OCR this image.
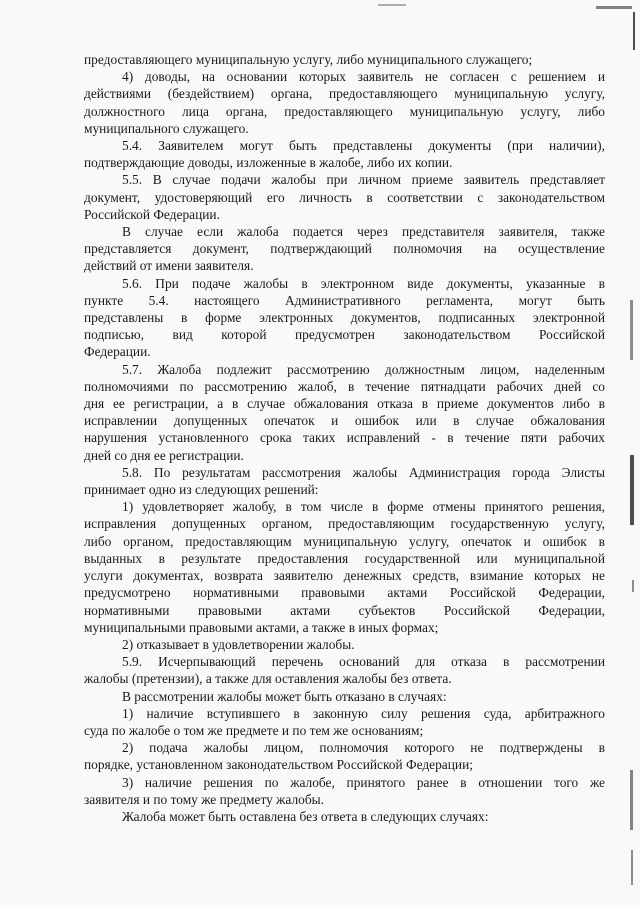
предоставляющего муниципальную услугу, либо муниципального служащего;

4) доводы, на основании которых заявитель не согласен с решением и
действиями (бездействием) органа, предоставляющего муниципальную услугу,
должностного лица органа, предоставляющего муниципальную услугу, либо
муниципального служащего.

5.4. Заявителем могут быть представлены документы (при наличии),
подтверждающие доводы, изложенные в жалобе, либо их копии.

5.5. В случае подачи жалобы при личном приеме заявитель представляет
документ, удостоверяющий его личность в соответствии с законодательством
Российской Федерации.

В случае если жалоба подается через представителя заявителя, также
представляется документ, подтверждающий полномочия на осуществление
действий от имени заявителя.

5.6. При подаче жалобы в электронном виде документы, указанные в
пункте 5.4. настоящего Административного регламента, могут быть
представлены в форме электронных документов, подписанных электронной
подписью, вид которой предусмотрен законодательством Российской
Федерации.

5.7. Жалоба подлежит рассмотрению должностным лицом, наделенным
полномочиями по рассмотрению жалоб, в течение пятнадцати рабочих дней со
дня ее регистрации, а в случае обжалования отказа в приеме документов либо в
исправлении допущенных опечаток и ошибок или в случае обжалования
нарушения установленного срока таких исправлений - в течение пяти рабочих
дней со дня ее регистрации.

5.8. По результатам рассмотрения жалобы Администрация города Элисты
принимает одно из следующих решений:

1) удовлетворяет жалобу, в том числе в форме отмены принятого решения,
исправления допущенных органом, предоставляющим государственную услугу,
либо органом, предоставляющим муниципальную услугу, опечаток и ошибок в
выданных в результате предоставления государственной или муниципальной
услуги документах, возврата заявителю денежных средств, взимание которых не
предусмотрено нормативными правовыми актами Российской Федерации,
нормативными правовыми актами субъектов Российской Федерации,
муниципальными правовыми актами, а также в иных формах;

2) отказывает в удовлетворении жалобы.

5.9. Исчерпывающий перечень оснований для отказа в рассмотрении
жалобы (претензии), а также для оставления жалобы без ответа.

В рассмотрении жалобы может быть отказано в случаях:

1) наличие вступившего в законную силу решения суда, арбитражного
суда по жалобе о том же предмете и по тем же основаниям;

2) подача жалобы лицом, полномочия которого не подтверждены в
порядке, установленном законодательством Российской Федерации;

3) наличие решения по жалобе, принятого ранее в отношении того же
заявителя и по тому же предмету жалобы.

Жалоба может быть оставлена без ответа в следующих случаях:
